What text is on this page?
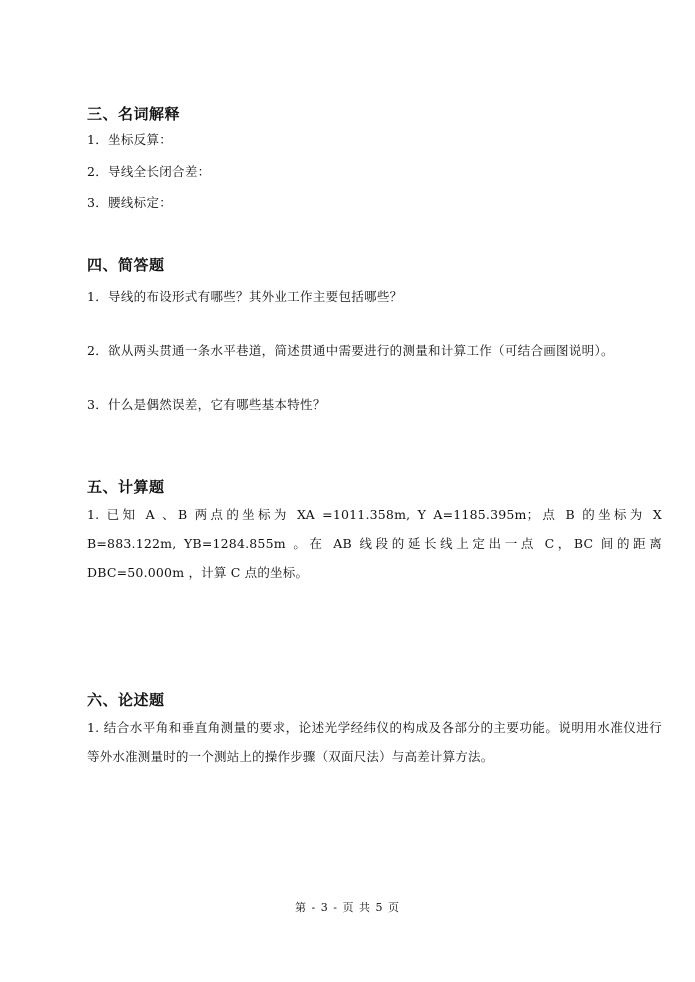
三、名词解释
1．坐标反算：
2．导线全长闭合差：
3．腰线标定：
四、简答题
1．导线的布设形式有哪些？其外业工作主要包括哪些？
2．欲从两头贯通一条水平巷道，简述贯通中需要进行的测量和计算工作（可结合画图说明）。
3．什么是偶然误差，它有哪些基本特性？
五、计算题
1. 已知 A 、B 两点的坐标为 XA =1011.358m, Y A=1185.395m；点 B 的坐标为 X B=883.122m, YB=1284.855m 。在 AB 线段的延长线上定出一点 C，BC 间的距离 DBC=50.000m ，计算 C 点的坐标。
六、论述题
1. 结合水平角和垂直角测量的要求，论述光学经纬仪的构成及各部分的主要功能。说明用水准仪进行等外水准测量时的一个测站上的操作步骤（双面尺法）与高差计算方法。
第 - 3 - 页 共 5 页
